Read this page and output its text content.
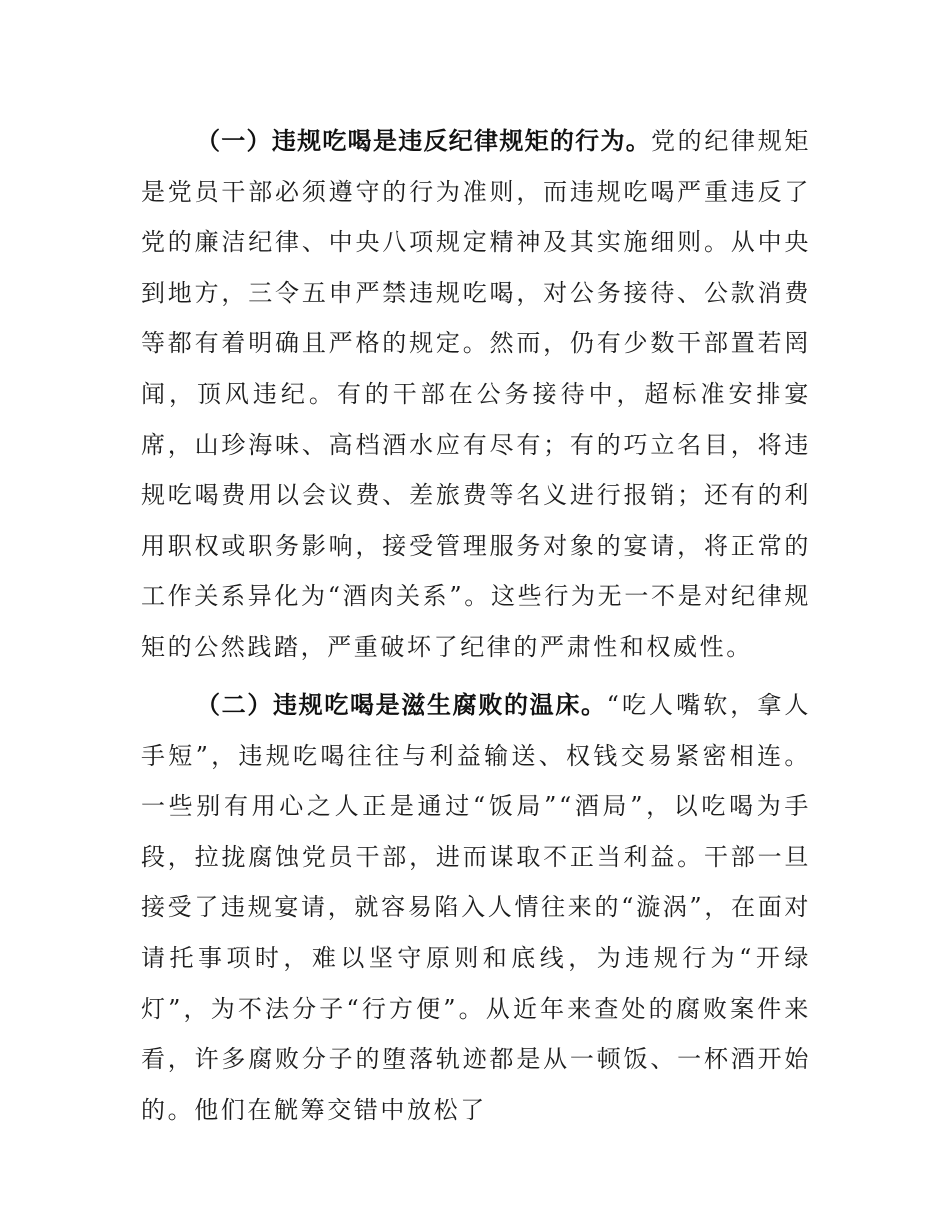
（一）违规吃喝是违反纪律规矩的行为。党的纪律规矩是党员干部必须遵守的行为准则，而违规吃喝严重违反了党的廉洁纪律、中央八项规定精神及其实施细则。从中央到地方，三令五申严禁违规吃喝，对公务接待、公款消费等都有着明确且严格的规定。然而，仍有少数干部置若罔闻，顶风违纪。有的干部在公务接待中，超标准安排宴席，山珍海味、高档酒水应有尽有；有的巧立名目，将违规吃喝费用以会议费、差旅费等名义进行报销；还有的利用职权或职务影响，接受管理服务对象的宴请，将正常的工作关系异化为“酒肉关系”。这些行为无一不是对纪律规矩的公然践踏，严重破坏了纪律的严肃性和权威性。

（二）违规吃喝是滋生腐败的温床。“吃人嘴软，拿人手短”，违规吃喝往往与利益输送、权钱交易紧密相连。一些别有用心之人正是通过“饭局”“酒局”，以吃喝为手段，拉拢腐蚀党员干部，进而谋取不正当利益。干部一旦接受了违规宴请，就容易陷入人情往来的“漩涡”，在面对请托事项时，难以坚守原则和底线，为违规行为“开绿灯”，为不法分子“行方便”。从近年来查处的腐败案件来看，许多腐败分子的堕落轨迹都是从一顿饭、一杯酒开始的。他们在觥筹交错中放松了
